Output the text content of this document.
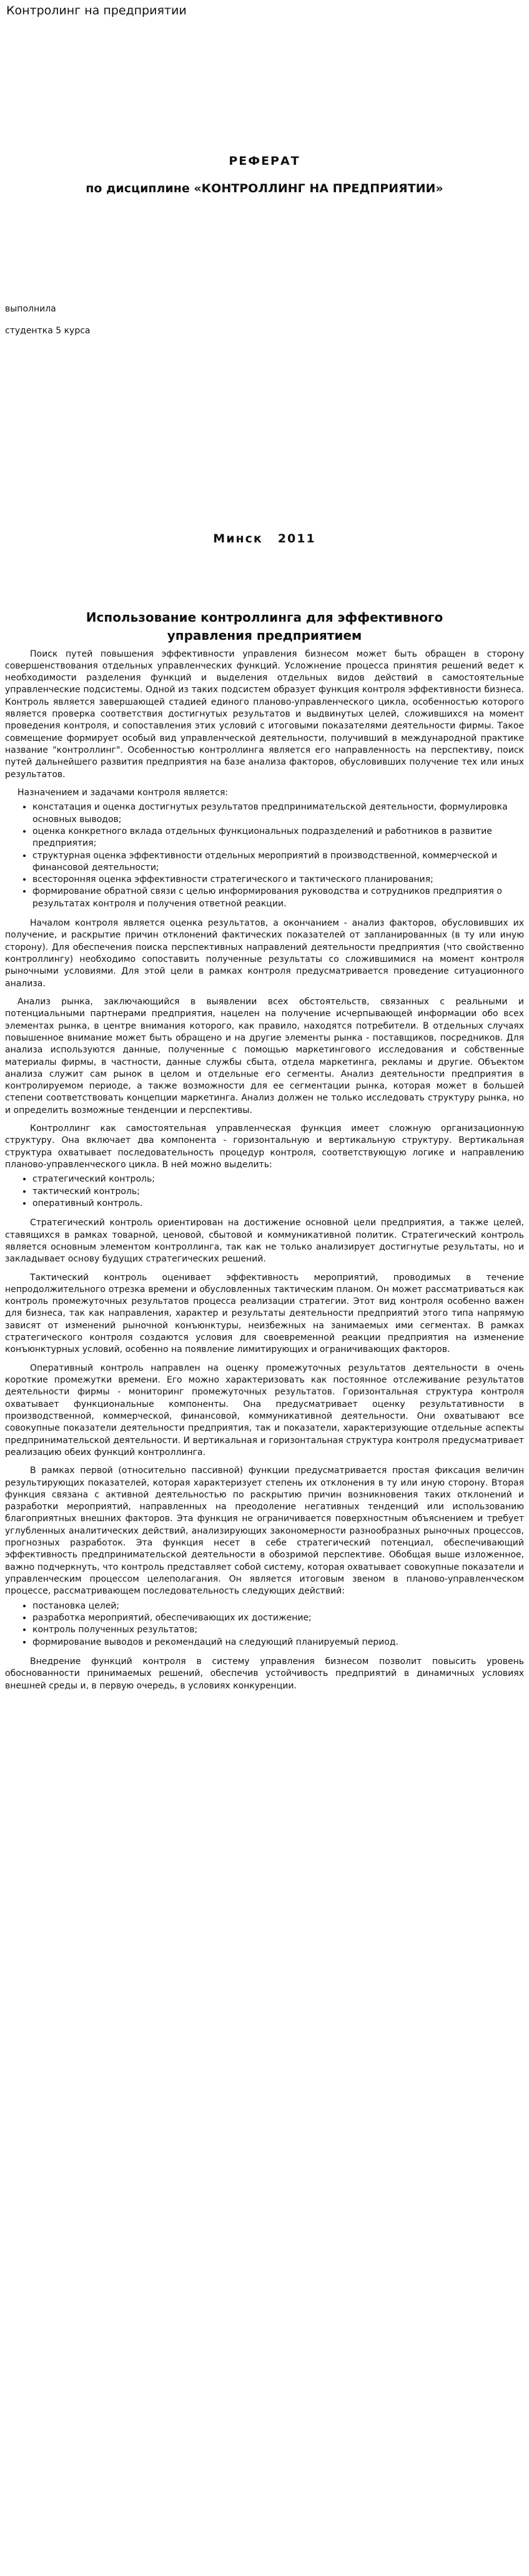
Контролинг на предприятии
РЕФЕРАТ
по дисциплине «КОНТРОЛЛИНГ НА ПРЕДПРИЯТИИ»
выполнила
студентка 5 курса
Минск 2011
Использование контроллинга для эффективного управления предприятием

Поиск путей повышения эффективности управления бизнесом может быть обращен в сторону совершенствования отдельных управленческих функций. Усложнение процесса принятия решений ведет к необходимости разделения функций и выделения отдельных видов действий в самостоятельные управленческие подсистемы. Одной из таких подсистем образует функция контроля эффективности бизнеса. Контроль является завершающей стадией единого планово-управленческого цикла, особенностью которого является проверка соответствия достигнутых результатов и выдвинутых целей, сложившихся на момент проведения контроля, и сопоставления этих условий с итоговыми показателями деятельности фирмы. Такое совмещение формирует особый вид управленческой деятельности, получивший в международной практике название "контроллинг". Особенностью контроллинга является его направленность на перспективу, поиск путей дальнейшего развития предприятия на базе анализа факторов, обусловивших получение тех или иных результатов.

Назначением и задачами контроля является:

• констатация и оценка достигнутых результатов предпринимательской деятельности, формулировка основных выводов;
• оценка конкретного вклада отдельных функциональных подразделений и работников в развитие предприятия;
• структурная оценка эффективности отдельных мероприятий в производственной, коммерческой и финансовой деятельности;
• всесторонняя оценка эффективности стратегического и тактического планирования;
• формирование обратной связи с целью информирования руководства и сотрудников предприятия о результатах контроля и получения ответной реакции.

Началом контроля является оценка результатов, а окончанием - анализ факторов, обусловивших их получение, и раскрытие причин отклонений фактических показателей от запланированных (в ту или иную сторону). Для обеспечения поиска перспективных направлений деятельности предприятия (что свойственно контроллингу) необходимо сопоставить полученные результаты со сложившимися на момент контроля рыночными условиями. Для этой цели в рамках контроля предусматривается проведение ситуационного анализа.

Анализ рынка, заключающийся в выявлении всех обстоятельств, связанных с реальными и потенциальными партнерами предприятия, нацелен на получение исчерпывающей информации обо всех элементах рынка, в центре внимания которого, как правило, находятся потребители. В отдельных случаях повышенное внимание может быть обращено и на другие элементы рынка - поставщиков, посредников. Для анализа используются данные, полученные с помощью маркетингового исследования и собственные материалы фирмы, в частности, данные службы сбыта, отдела маркетинга, рекламы и другие. Объектом анализа служит сам рынок в целом и отдельные его сегменты. Анализ деятельности предприятия в контролируемом периоде, а также возможности для ее сегментации рынка, которая может в большей степени соответствовать концепции маркетинга. Анализ должен не только исследовать структуру рынка, но и определить возможные тенденции и перспективы.

Контроллинг как самостоятельная управленческая функция имеет сложную организационную структуру. Она включает два компонента - горизонтальную и вертикальную структуру. Вертикальная структура охватывает последовательность процедур контроля, соответствующую логике и направлению планово-управленческого цикла. В ней можно выделить:

• стратегический контроль;
• тактический контроль;
• оперативный контроль.

Стратегический контроль ориентирован на достижение основной цели предприятия, а также целей, ставящихся в рамках товарной, ценовой, сбытовой и коммуникативной политик. Стратегический контроль является основным элементом контроллинга, так как не только анализирует достигнутые результаты, но и закладывает основу будущих стратегических решений.

Тактический контроль оценивает эффективность мероприятий, проводимых в течение непродолжительного отрезка времени и обусловленных тактическим планом. Он может рассматриваться как контроль промежуточных результатов процесса реализации стратегии. Этот вид контроля особенно важен для бизнеса, так как направления, характер и результаты деятельности предприятий этого типа напрямую зависят от изменений рыночной конъюнктуры, неизбежных на занимаемых ими сегментах. В рамках стратегического контроля создаются условия для своевременной реакции предприятия на изменение конъюнктурных условий, особенно на появление лимитирующих и ограничивающих факторов.

Оперативный контроль направлен на оценку промежуточных результатов деятельности в очень короткие промежутки времени. Его можно характеризовать как постоянное отслеживание результатов деятельности фирмы - мониторинг промежуточных результатов. Горизонтальная структура контроля охватывает функциональные компоненты. Она предусматривает оценку результативности в производственной, коммерческой, финансовой, коммуникативной деятельности. Они охватывают все совокупные показатели деятельности предприятия, так и показатели, характеризующие отдельные аспекты предпринимательской деятельности. И вертикальная и горизонтальная структура контроля предусматривает реализацию обеих функций контроллинга.

В рамках первой (относительно пассивной) функции предусматривается простая фиксация величин результирующих показателей, которая характеризует степень их отклонения в ту или иную сторону. Вторая функция связана с активной деятельностью по раскрытию причин возникновения таких отклонений и разработки мероприятий, направленных на преодоление негативных тенденций или использованию благоприятных внешних факторов. Эта функция не ограничивается поверхностным объяснением и требует углубленных аналитических действий, анализирующих закономерности разнообразных рыночных процессов, прогнозных разработок. Эта функция несет в себе стратегический потенциал, обеспечивающий эффективность предпринимательской деятельности в обозримой перспективе. Обобщая выше изложенное, важно подчеркнуть, что контроль представляет собой систему, которая охватывает совокупные показатели и управленческим процессом целеполагания. Он является итоговым звеном в планово-управленческом процессе, рассматривающем последовательность следующих действий:

• постановка целей;
• разработка мероприятий, обеспечивающих их достижение;
• контроль полученных результатов;
• формирование выводов и рекомендаций на следующий планируемый период.

Внедрение функций контроля в систему управления бизнесом позволит повысить уровень обоснованности принимаемых решений, обеспечив устойчивость предприятий в динамичных условиях внешней среды и, в первую очередь, в условиях конкуренции.
